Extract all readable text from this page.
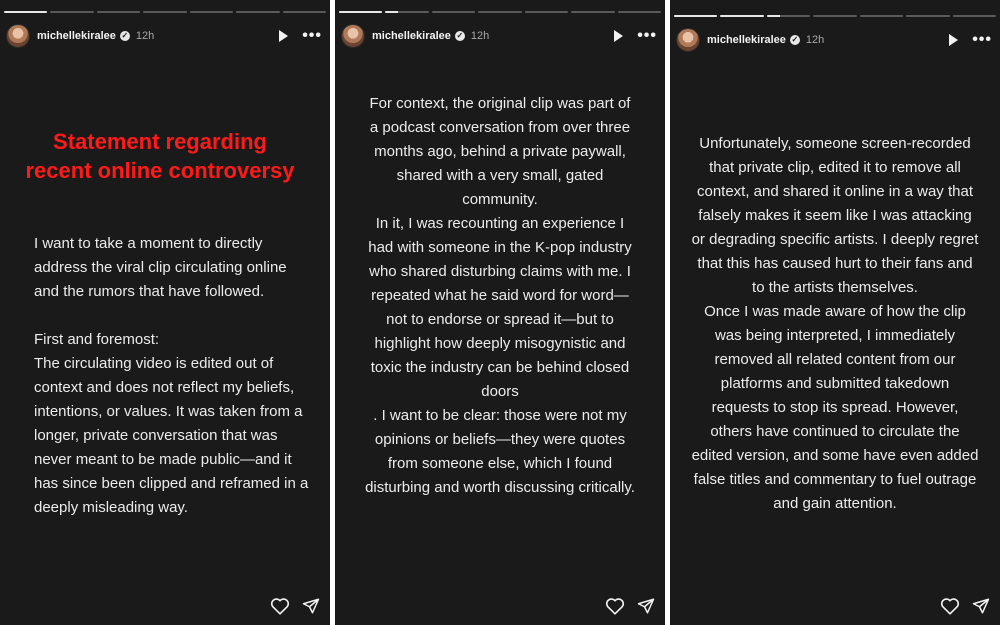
michellekiralee ✓ 12h	•••
Statement regarding recent online controversy

I want to take a moment to directly address the viral clip circulating online and the rumors that have followed.

First and foremost:

The circulating video is edited out of context and does not reflect my beliefs, intentions, or values. It was taken from a longer, private conversation that was never meant to be made public—and it has since been clipped and reframed in a deeply misleading way.

michellekiralee ✓ 12h	•••

For context, the original clip was part of a podcast conversation from over three months ago, behind a private paywall, shared with a very small, gated community.

In it, I was recounting an experience I had with someone in the K-pop industry who shared disturbing claims with me. I repeated what he said word for word—not to endorse or spread it—but to highlight how deeply misogynistic and toxic the industry can be behind closed doors

. I want to be clear: those were not my opinions or beliefs—they were quotes from someone else, which I found disturbing and worth discussing critically.

michellekiralee ✓ 12h	•••

Unfortunately, someone screen-recorded that private clip, edited it to remove all context, and shared it online in a way that falsely makes it seem like I was attacking or degrading specific artists. I deeply regret that this has caused hurt to their fans and to the artists themselves.

Once I was made aware of how the clip was being interpreted, I immediately removed all related content from our platforms and submitted takedown requests to stop its spread. However, others have continued to circulate the edited version, and some have even added false titles and commentary to fuel outrage and gain attention.
